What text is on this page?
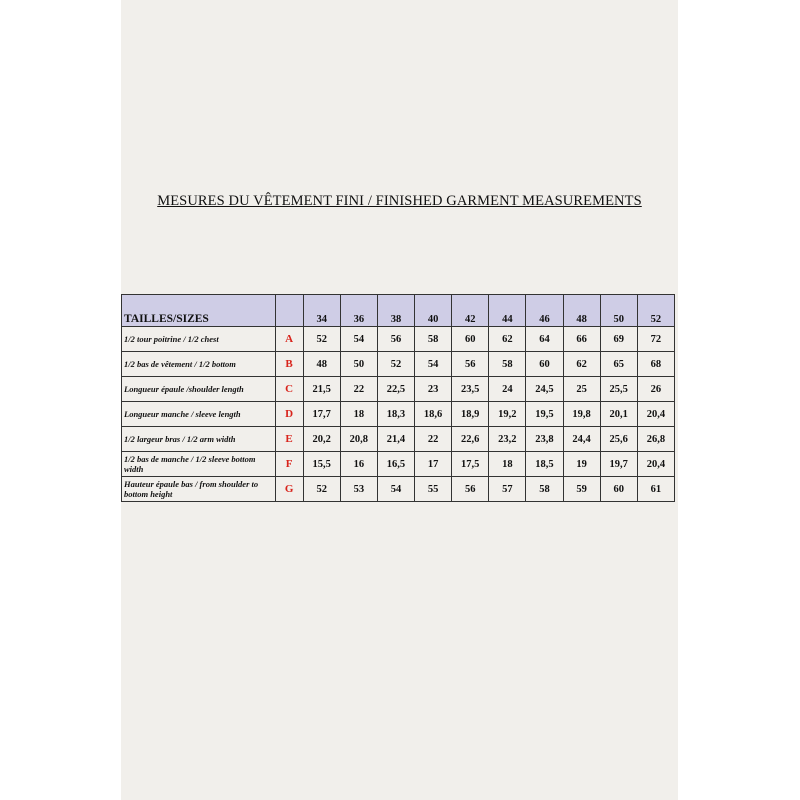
MESURES DU VÊTEMENT FINI / FINISHED GARMENT MEASUREMENTS
TAILLES/SIZES		34	36	38	40	42	44	46	48	50	52
1/2 tour poitrine / 1/2 chest	A	52	54	56	58	60	62	64	66	69	72
1/2 bas de vêtement / 1/2 bottom	B	48	50	52	54	56	58	60	62	65	68
Longueur épaule /shoulder length	C	21,5	22	22,5	23	23,5	24	24,5	25	25,5	26
Longueur manche / sleeve length	D	17,7	18	18,3	18,6	18,9	19,2	19,5	19,8	20,1	20,4
1/2 largeur bras / 1/2 arm width	E	20,2	20,8	21,4	22	22,6	23,2	23,8	24,4	25,6	26,8
1/2 bas de manche / 1/2 sleeve bottom width	F	15,5	16	16,5	17	17,5	18	18,5	19	19,7	20,4
Hauteur épaule bas / from shoulder to bottom height	G	52	53	54	55	56	57	58	59	60	61
